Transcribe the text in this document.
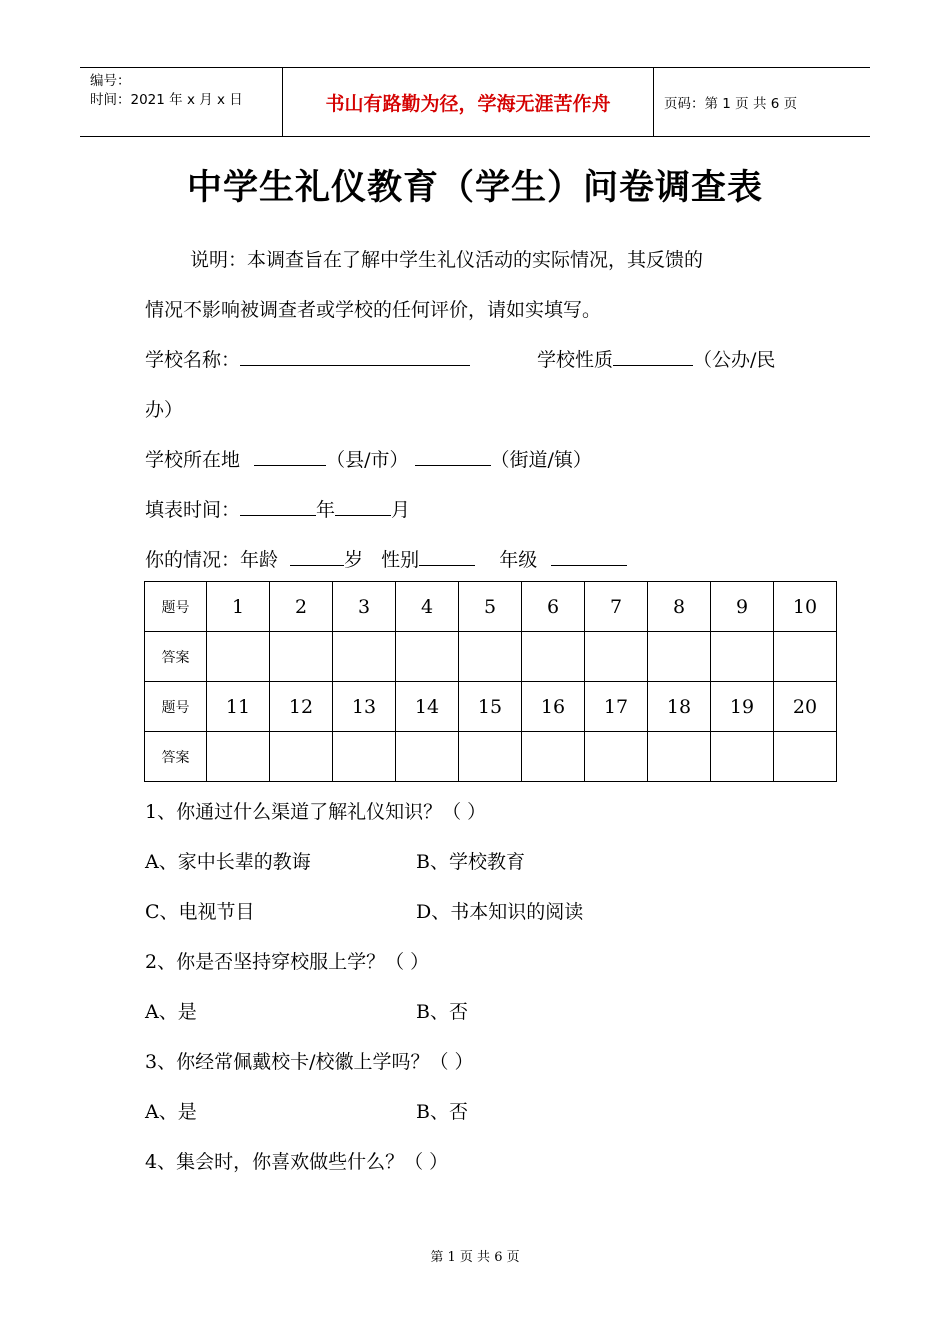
编号：
时间：2021 年 x 月 x 日	书山有路勤为径，学海无涯苦作舟	页码：第 1 页 共 6 页
中学生礼仪教育（学生）问卷调查表
说明：本调查旨在了解中学生礼仪活动的实际情况，其反馈的
情况不影响被调查者或学校的任何评价，请如实填写。
学校名称：	学校性质	（公办/民
办）
学校所在地	（县/市）	（街道/镇）
填表时间：	年	月
你的情况：年龄	岁 性别	年级
题号	1	2	3	4	5	6	7	8	9	10
答案										
题号	11	12	13	14	15	16	17	18	19	20
答案										
1、你通过什么渠道了解礼仪知识？（ ）
A、家中长辈的教诲	B、学校教育
C、电视节目	D、书本知识的阅读
2、你是否坚持穿校服上学？（ ）
A、是	B、否
3、你经常佩戴校卡/校徽上学吗？（ ）
A、是	B、否
4、集会时，你喜欢做些什么？（ ）
第 1 页 共 6 页
